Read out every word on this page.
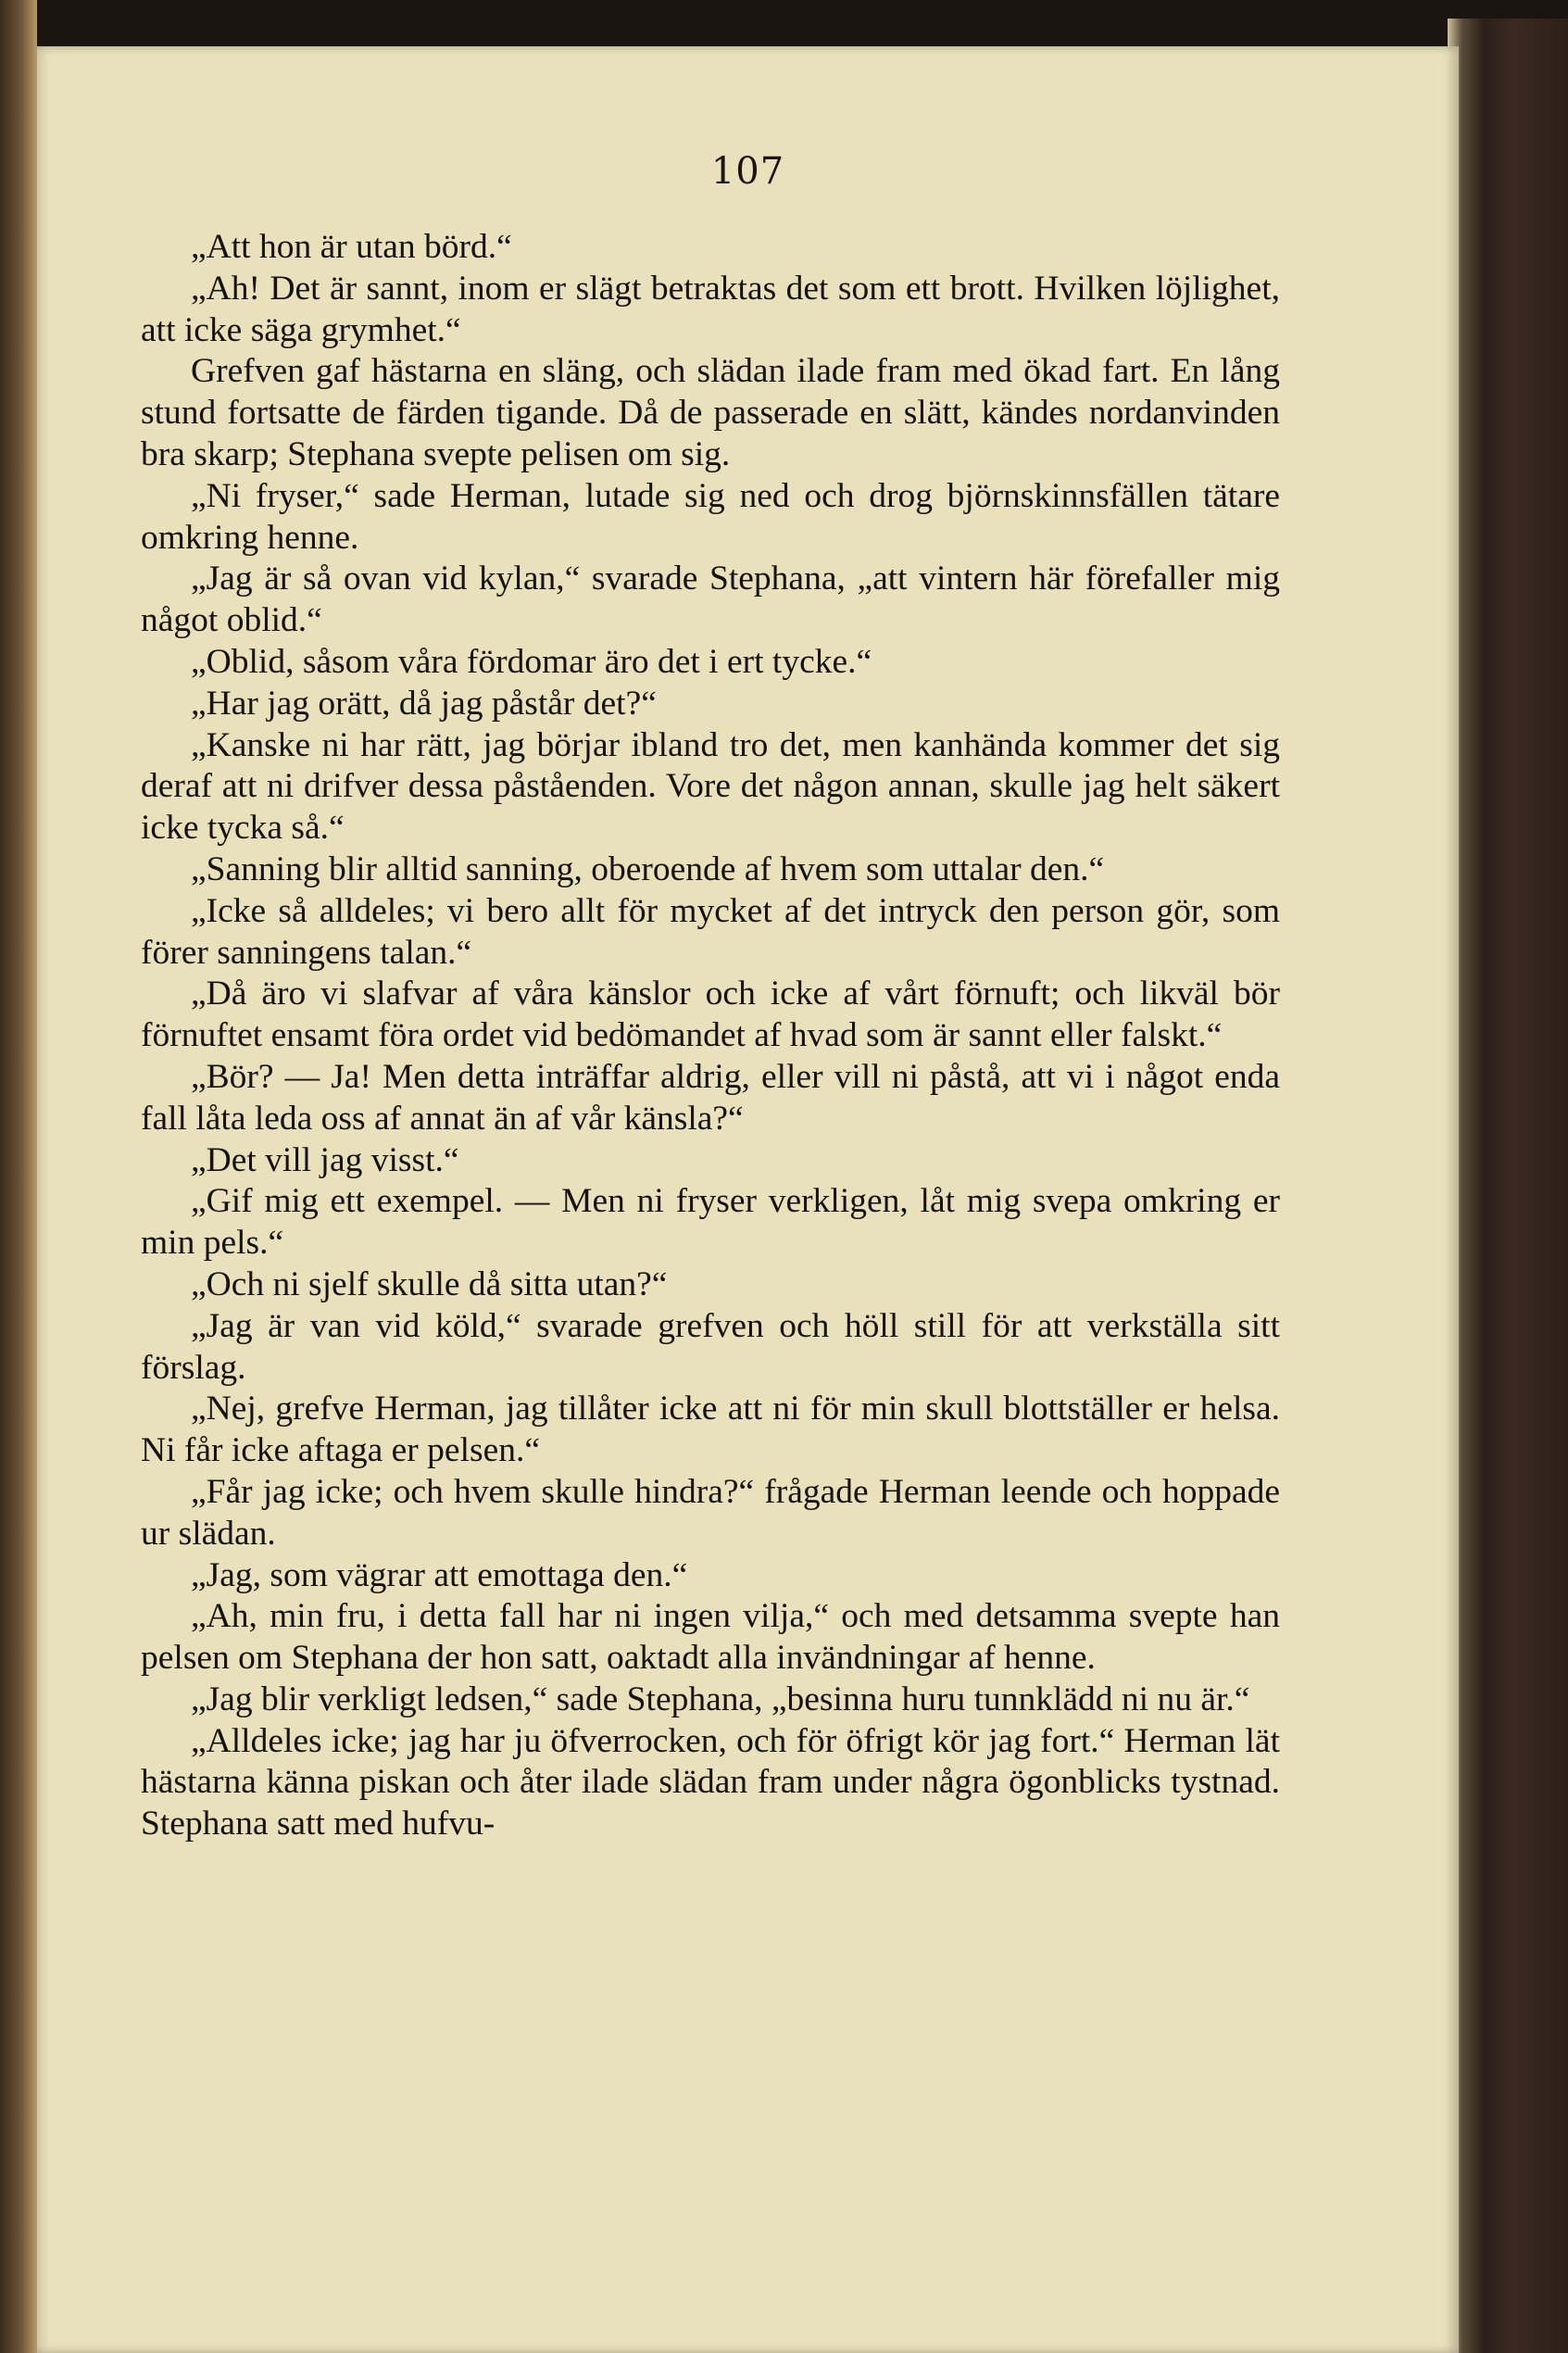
107

„Att hon är utan börd.“

„Ah! Det är sannt, inom er slägt betraktas det som ett brott. Hvilken löjlighet, att icke säga grymhet.“

Grefven gaf hästarna en släng, och slädan ilade fram med ökad fart. En lång stund fortsatte de färden tigande. Då de passerade en slätt, kändes nordanvinden bra skarp; Stephana svepte pelisen om sig.

„Ni fryser,“ sade Herman, lutade sig ned och drog björnskinnsfällen tätare omkring henne.

„Jag är så ovan vid kylan,“ svarade Stephana, „att vintern här förefaller mig något oblid.“

„Oblid, såsom våra fördomar äro det i ert tycke.“

„Har jag orätt, då jag påstår det?“

„Kanske ni har rätt, jag börjar ibland tro det, men kanhända kommer det sig deraf att ni drifver dessa påståenden. Vore det någon annan, skulle jag helt säkert icke tycka så.“

„Sanning blir alltid sanning, oberoende af hvem som uttalar den.“

„Icke så alldeles; vi bero allt för mycket af det intryck den person gör, som förer sanningens talan.“

„Då äro vi slafvar af våra känslor och icke af vårt förnuft; och likväl bör förnuftet ensamt föra ordet vid bedömandet af hvad som är sannt eller falskt.“

„Bör? — Ja! Men detta inträffar aldrig, eller vill ni påstå, att vi i något enda fall låta leda oss af annat än af vår känsla?“

„Det vill jag visst.“

„Gif mig ett exempel. — Men ni fryser verkligen, låt mig svepa omkring er min pels.“

„Och ni sjelf skulle då sitta utan?“

„Jag är van vid köld,“ svarade grefven och höll still för att verkställa sitt förslag.

„Nej, grefve Herman, jag tillåter icke att ni för min skull blottställer er helsa. Ni får icke aftaga er pelsen.“

„Får jag icke; och hvem skulle hindra?“ frågade Herman leende och hoppade ur slädan.

„Jag, som vägrar att emottaga den.“

„Ah, min fru, i detta fall har ni ingen vilja,“ och med detsamma svepte han pelsen om Stephana der hon satt, oaktadt alla invändningar af henne.

„Jag blir verkligt ledsen,“ sade Stephana, „besinna huru tunnklädd ni nu är.“

„Alldeles icke; jag har ju öfverrocken, och för öfrigt kör jag fort.“ Herman lät hästarna känna piskan och åter ilade slädan fram under några ögonblicks tystnad. Stephana satt med hufvu-
